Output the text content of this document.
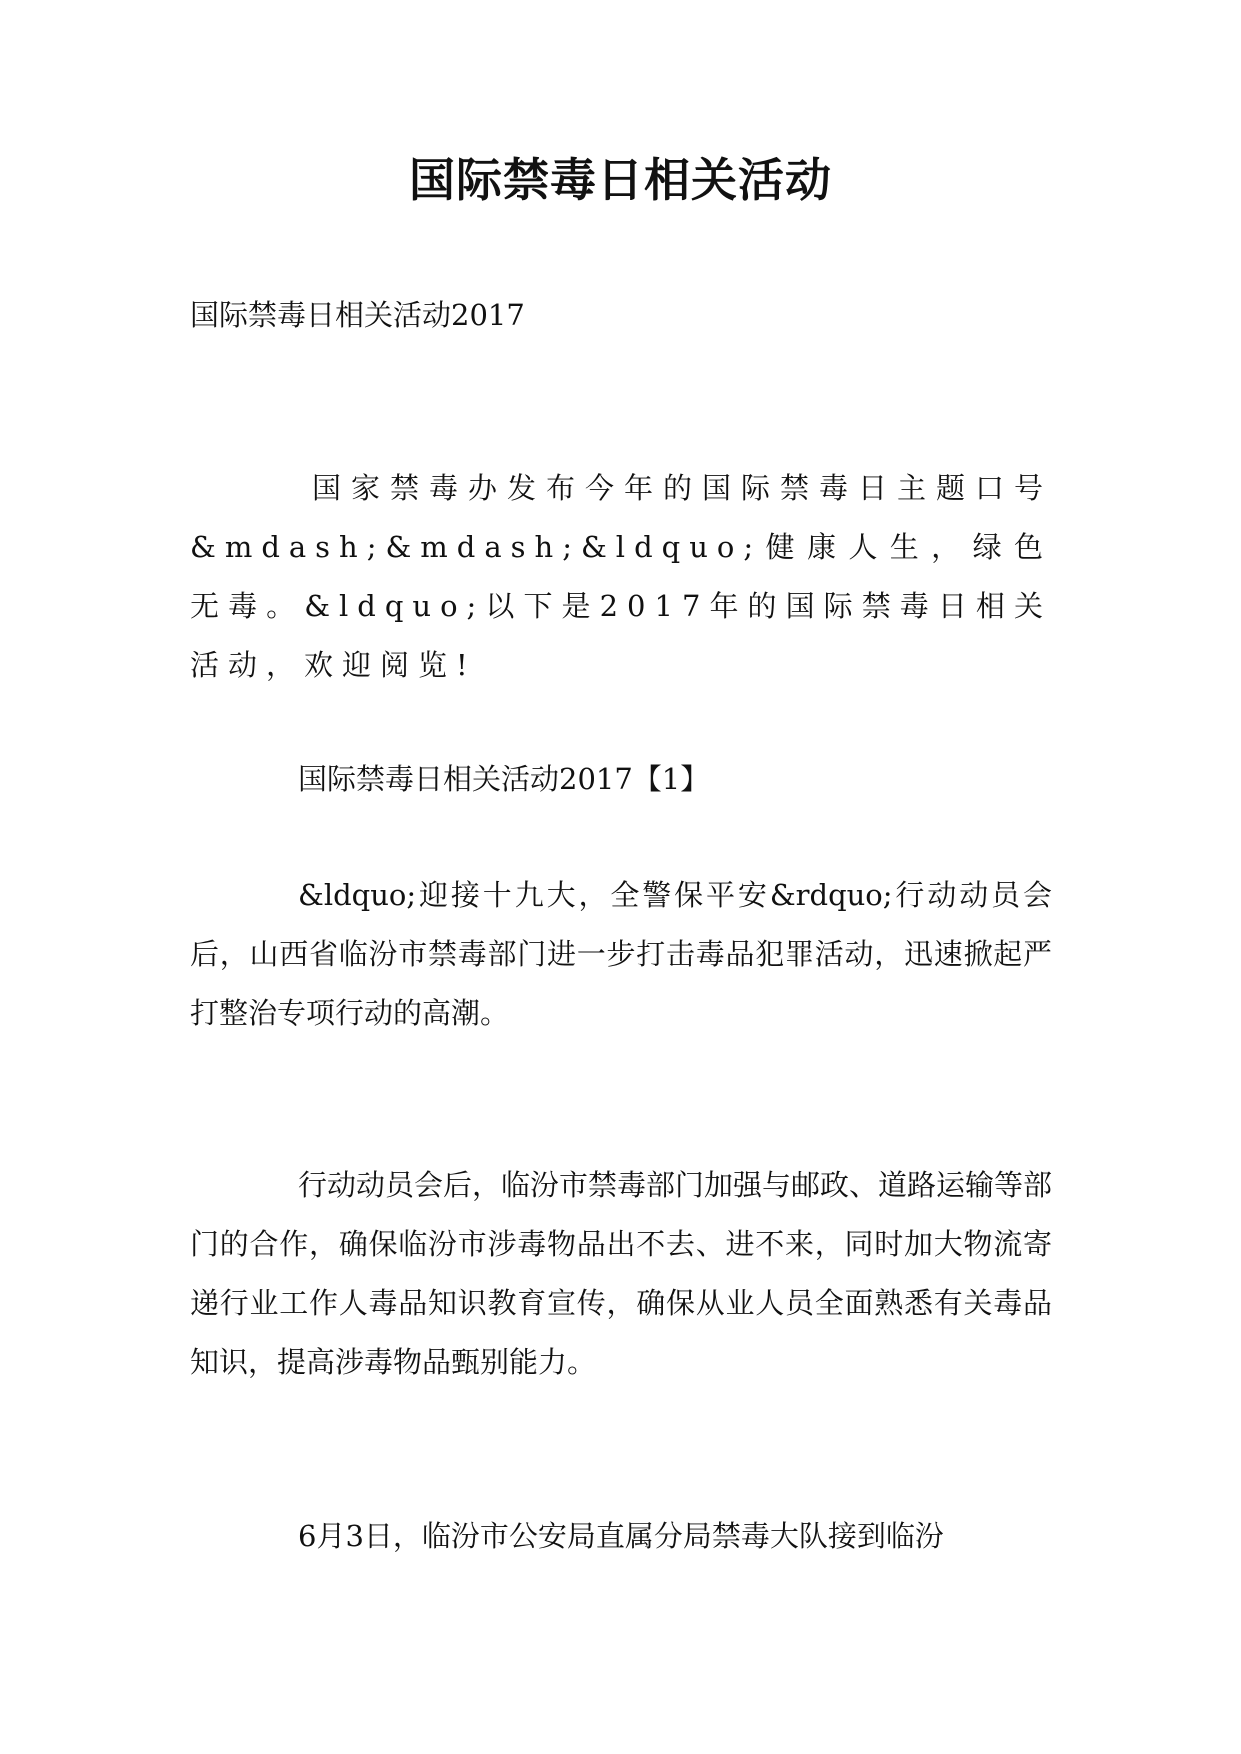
国际禁毒日相关活动

国际禁毒日相关活动2017

国家禁毒办发布今年的国际禁毒日主题口号&mdash;&mdash;&ldquo;健康人生，绿色无毒。&ldquo;以下是2017年的国际禁毒日相关活动，欢迎阅览!

国际禁毒日相关活动2017【1】

&ldquo;迎接十九大，全警保平安&rdquo;行动动员会后，山西省临汾市禁毒部门进一步打击毒品犯罪活动，迅速掀起严打整治专项行动的高潮。

行动动员会后，临汾市禁毒部门加强与邮政、道路运输等部门的合作，确保临汾市涉毒物品出不去、进不来，同时加大物流寄递行业工作人毒品知识教育宣传，确保从业人员全面熟悉有关毒品知识，提高涉毒物品甄别能力。

6月3日，临汾市公安局直属分局禁毒大队接到临汾
